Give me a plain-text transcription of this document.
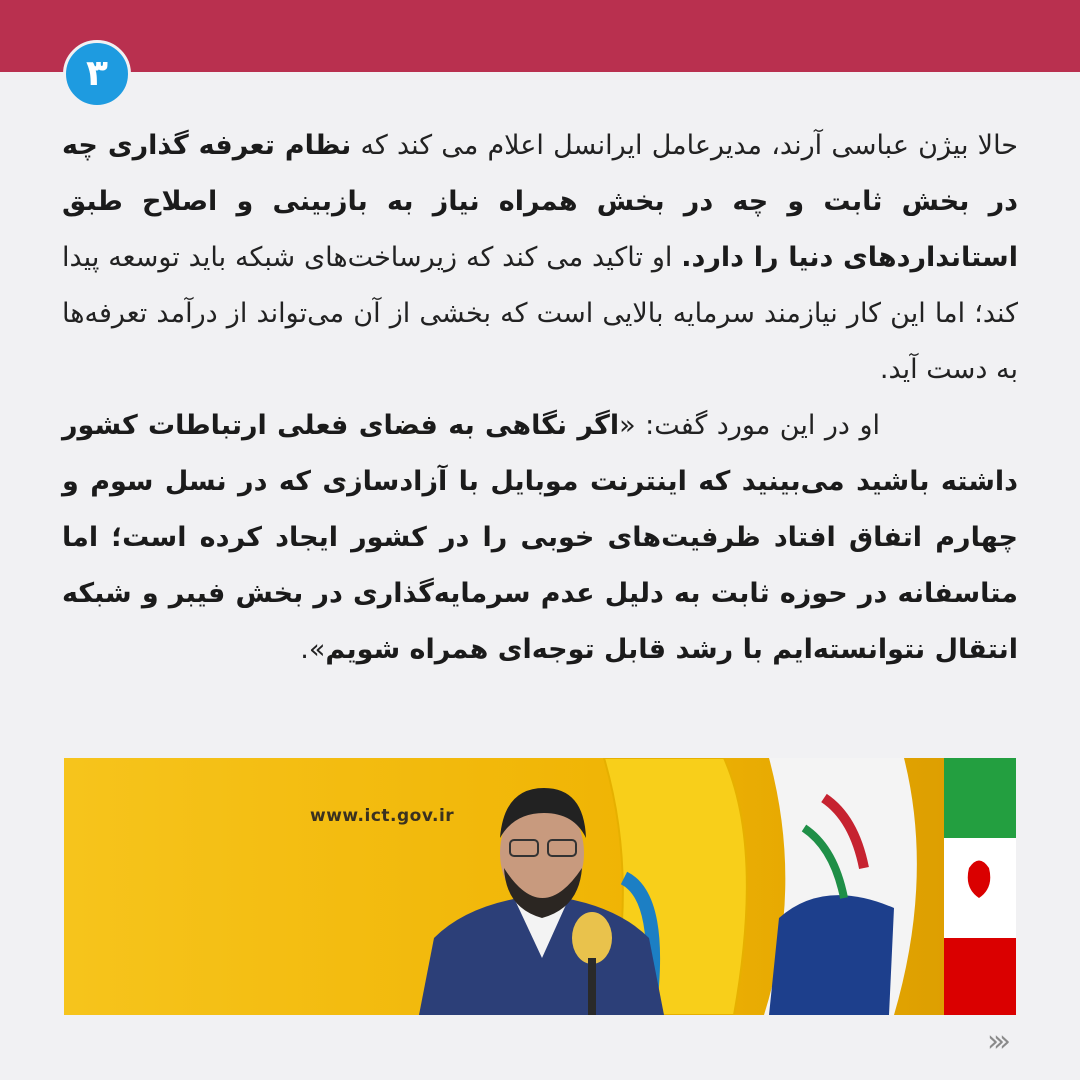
۳

حالا بیژن عباسی آرند، مدیرعامل ایرانسل اعلام می کند که نظام تعرفه گذاری چه در بخش ثابت و چه در بخش همراه نیاز به بازبینی و اصلاح طبق استانداردهای دنیا را دارد. او تاکید می کند که زیرساخت‌های شبکه باید توسعه پیدا کند؛ اما این کار نیازمند سرمایه بالایی است که بخشی از آن می‌تواند از درآمد تعرفه‌ها به دست آید.

او در این مورد گفت: «اگر نگاهی به فضای فعلی ارتباطات کشور داشته باشید می‌بینید که اینترنت موبایل با آزادسازی که در نسل سوم و چهارم اتفاق افتاد ظرفیت‌های خوبی را در کشور ایجاد کرده است؛ اما متاسفانه در حوزه ثابت به دلیل عدم سرمایه‌گذاری در بخش فیبر و شبکه انتقال نتوانسته‌ایم با رشد قابل توجه‌ای همراه شویم».

www.ict.gov.ir
›››
